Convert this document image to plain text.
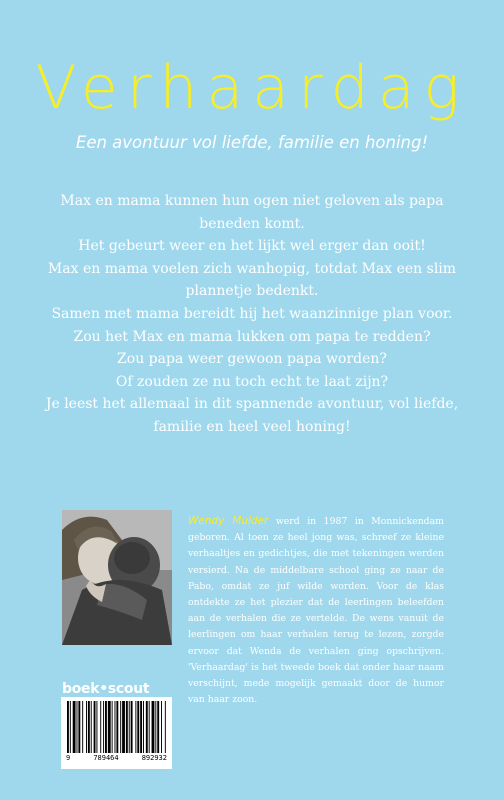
Verhaardag
Een avontuur vol liefde, familie en honing!

Max en mama kunnen hun ogen niet geloven als papa beneden komt.

Het gebeurt weer en het lijkt wel erger dan ooit!

Max en mama voelen zich wanhopig, totdat Max een slim plannetje bedenkt.

Samen met mama bereidt hij het waanzinnige plan voor.

Zou het Max en mama lukken om papa te redden?

Zou papa weer gewoon papa worden?

Of zouden ze nu toch echt te laat zijn?

Je leest het allemaal in dit spannende avontuur, vol liefde, familie en heel veel honing!

Wendy Mulder werd in 1987 in Monnickendam geboren. Al toen ze heel jong was, schreef ze kleine verhaaltjes en gedichtjes, die met tekeningen werden versierd. Na de middelbare school ging ze naar de Pabo, omdat ze juf wilde worden. Voor de klas ontdekte ze het plezier dat de leerlingen beleefden aan de verhalen die ze vertelde. De wens vanuit de leerlingen om haar verhalen terug te lezen, zorgde ervoor dat Wenda de verhalen ging opschrijven. 'Verhaardag' is het tweede boek dat onder haar naam verschijnt, mede mogelijk gemaakt door de humor van haar zoon.
boek•scout
9	789464	892932
